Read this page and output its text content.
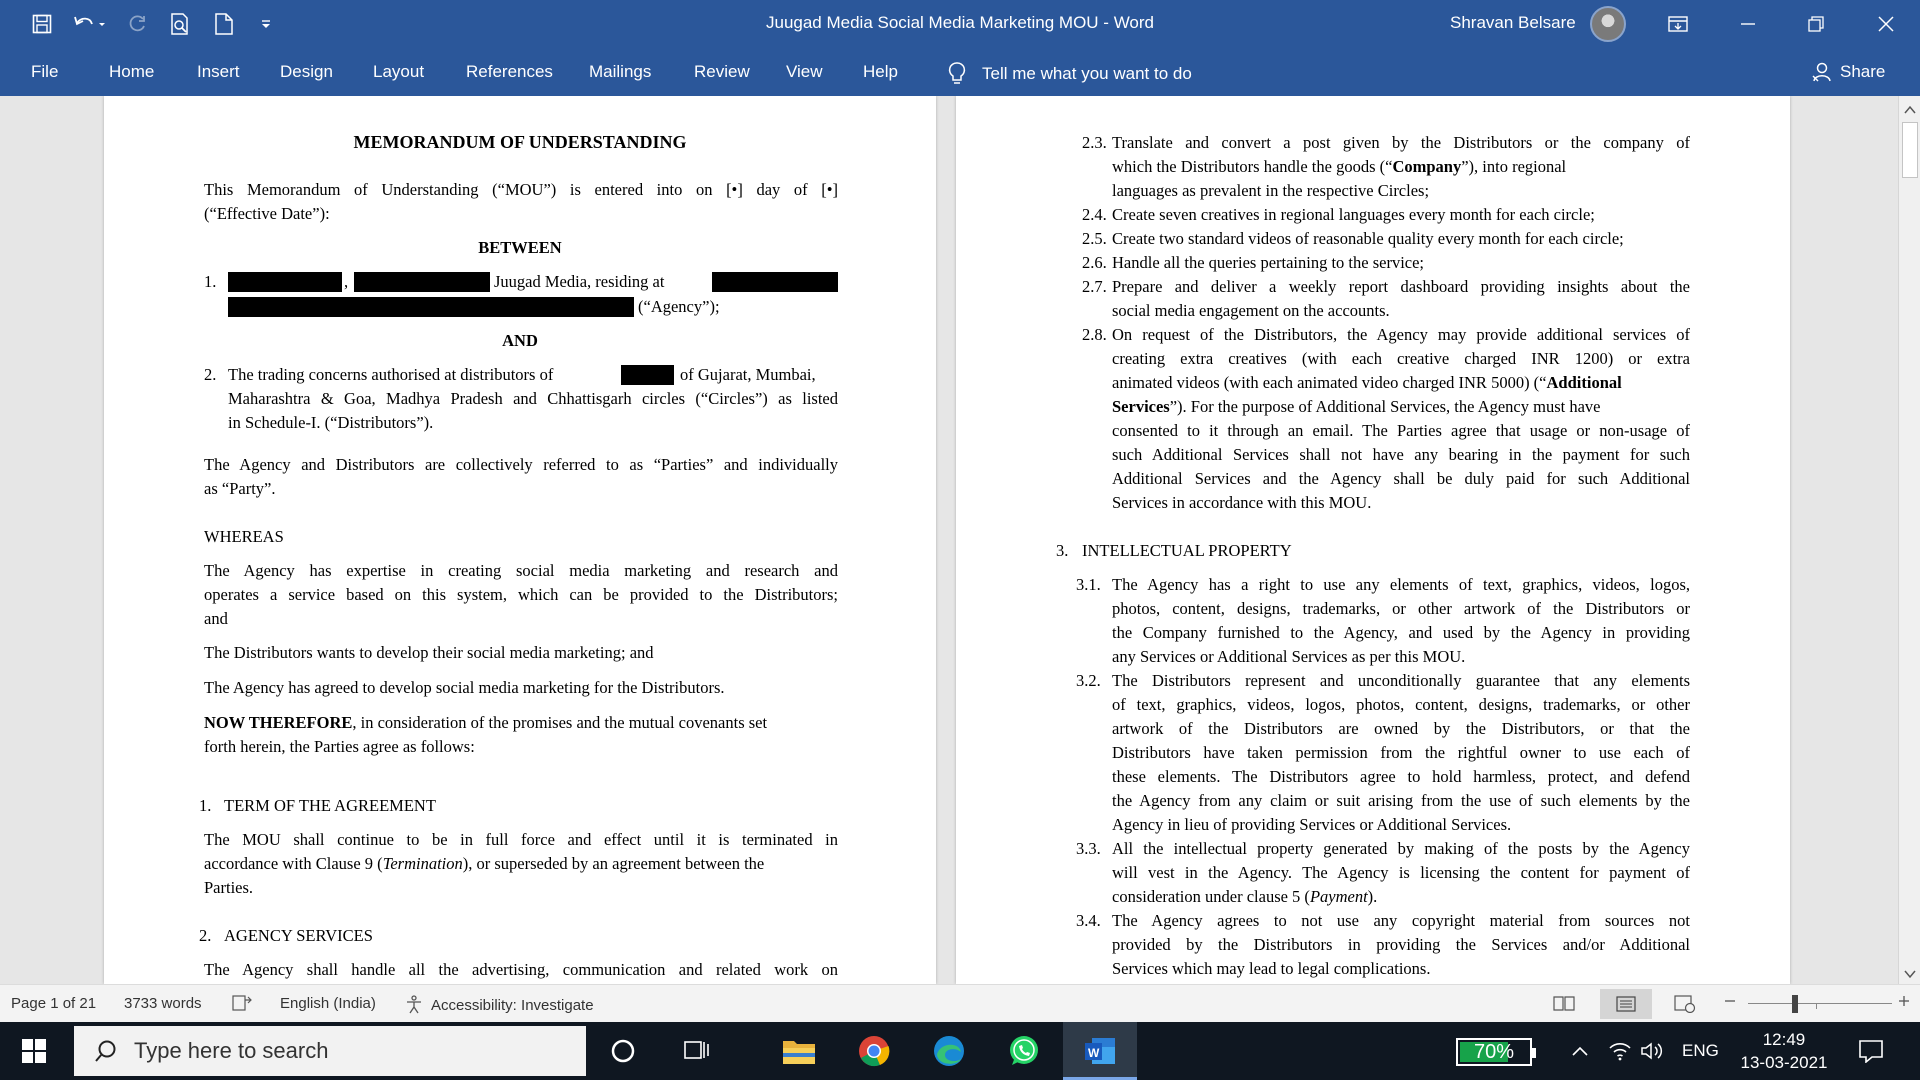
Juugad Media Social Media Marketing MOU - Word	Shravan Belsare
File	Home	Insert Design Layout References Mailings	Review View Help	Tell me what you want to do	Share
MEMORANDUM OF UNDERSTANDING
This Memorandum of Understanding (“MOU”) is entered into on [•] day of [•]
(“Effective Date”):
BETWEEN
1.	,	Juugad Media, residing at
(“Agency”);
AND
2. The trading concerns authorised at distributors of	of Gujarat, Mumbai,
Maharashtra & Goa, Madhya Pradesh and Chhattisgarh circles (“Circles”) as listed
in Schedule-I. (“Distributors”).
The Agency and Distributors are collectively referred to as “Parties” and individually
as “Party”.
WHEREAS
The Agency has expertise in creating social media marketing and research and
operates a service based on this system, which can be provided to the Distributors;
and
The Distributors wants to develop their social media marketing; and
The Agency has agreed to develop social media marketing for the Distributors.
NOW THEREFORE, in consideration of the promises and the mutual covenants set
forth herein, the Parties agree as follows:
1. TERM OF THE AGREEMENT
The MOU shall continue to be in full force and effect until it is terminated in
accordance with Clause 9 (Termination), or superseded by an agreement between the
Parties.
2. AGENCY SERVICES
The Agency shall handle all the advertising, communication and related work on
2.3. Translate and convert a post given by the Distributors or the company of
which the Distributors handle the goods (“Company”), into regional
languages as prevalent in the respective Circles;
2.4. Create seven creatives in regional languages every month for each circle;
2.5. Create two standard videos of reasonable quality every month for each circle;
2.6. Handle all the queries pertaining to the service;
2.7. Prepare and deliver a weekly report dashboard providing insights about the
social media engagement on the accounts.
2.8. On request of the Distributors, the Agency may provide additional services of
creating extra creatives (with each creative charged INR 1200) or extra
animated videos (with each animated video charged INR 5000) (“Additional
Services”). For the purpose of Additional Services, the Agency must have
consented to it through an email. The Parties agree that usage or non-usage of
such Additional Services shall not have any bearing in the payment for such
Additional Services and the Agency shall be duly paid for such Additional
Services in accordance with this MOU.
3. INTELLECTUAL PROPERTY
3.1. The Agency has a right to use any elements of text, graphics, videos, logos,
photos, content, designs, trademarks, or other artwork of the Distributors or
the Company furnished to the Agency, and used by the Agency in providing
any Services or Additional Services as per this MOU.
3.2. The Distributors represent and unconditionally guarantee that any elements
of text, graphics, videos, logos, photos, content, designs, trademarks, or other
artwork of the Distributors are owned by the Distributors, or that the
Distributors have taken permission from the rightful owner to use each of
these elements. The Distributors agree to hold harmless, protect, and defend
the Agency from any claim or suit arising from the use of such elements by the
Agency in lieu of providing Services or Additional Services.
3.3. All the intellectual property generated by making of the posts by the Agency
will vest in the Agency. The Agency is licensing the content for payment of
consideration under clause 5 (Payment).
3.4. The Agency agrees to not use any copyright material from sources not
provided by the Distributors in providing the Services and/or Additional
Services which may lead to legal complications.
Page 1 of 21 3733 words	English (India)	Accessibility: Investigate
Type here to search	W	70%	ENG
12:49
13-03-2021
